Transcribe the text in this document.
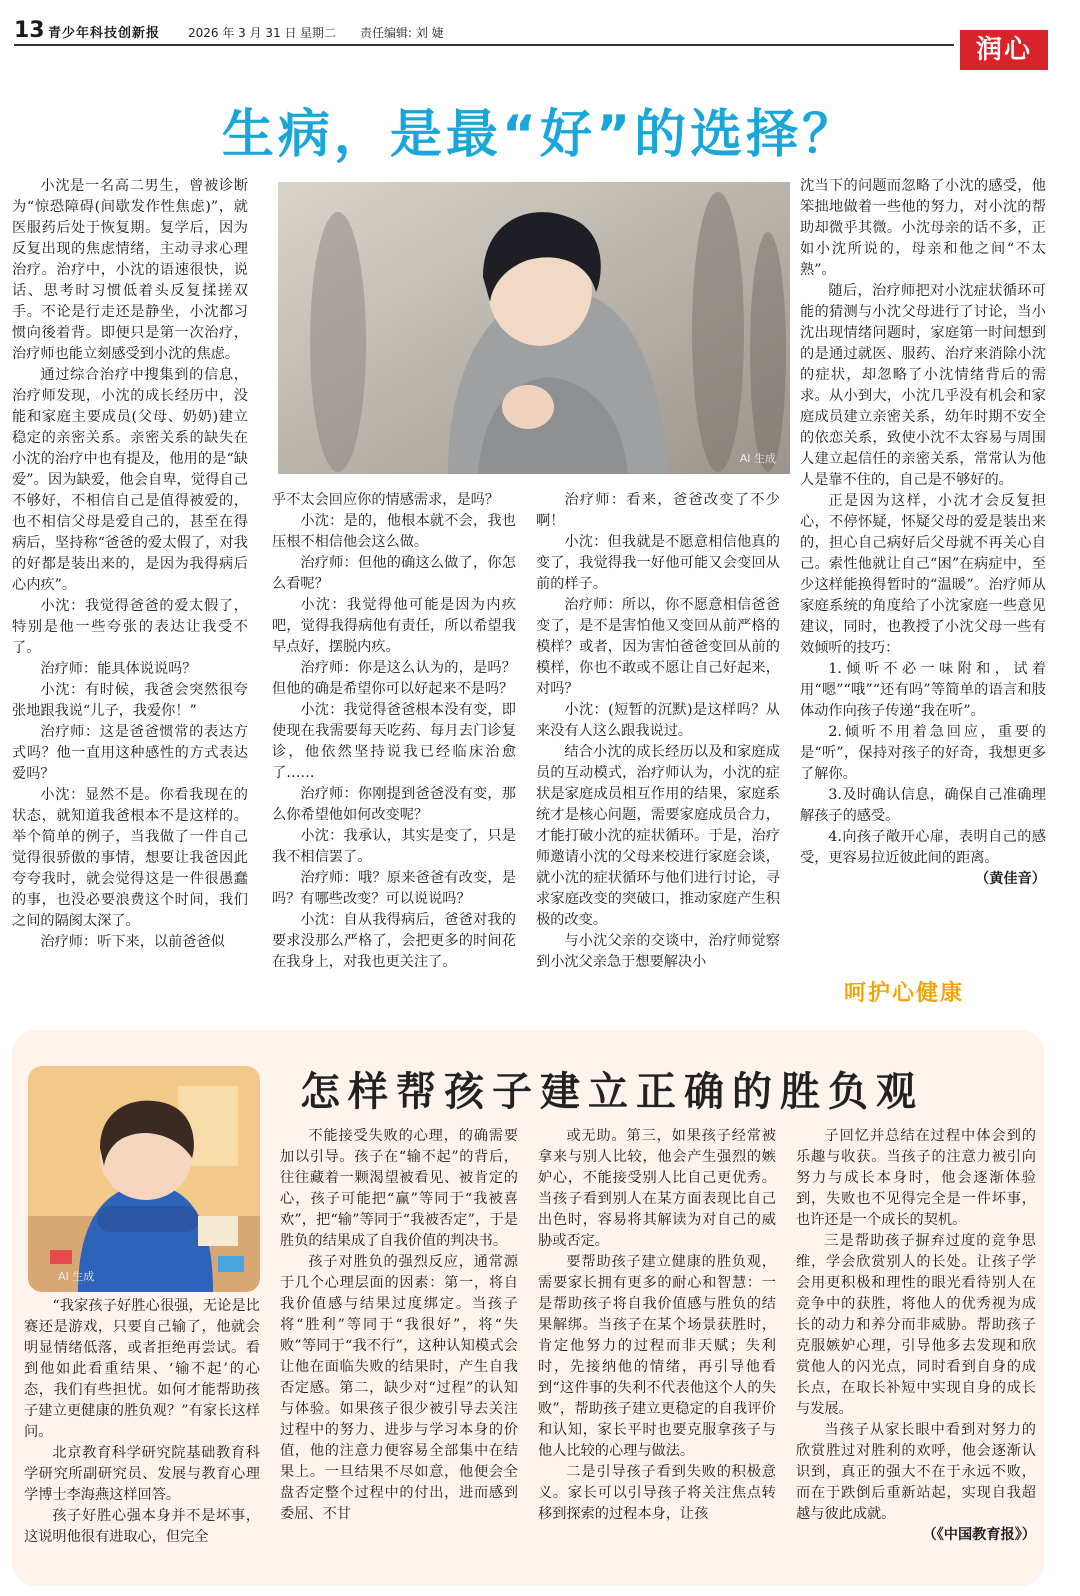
13 青少年科技创新报 2026 年 3 月 31 日 星期二 责任编辑: 刘 婕
润心
生病，是最“好”的选择？

小沈是一名高二男生，曾被诊断为“惊恐障碍(间歇发作性焦虑)”，就医服药后处于恢复期。复学后，因为反复出现的焦虑情绪，主动寻求心理治疗。治疗中，小沈的语速很快，说话、思考时习惯低着头反复揉搓双手。不论是行走还是静坐，小沈都习惯向後着背。即便只是第一次治疗，治疗师也能立刻感受到小沈的焦虑。

通过综合治疗中搜集到的信息，治疗师发现，小沈的成长经历中，没能和家庭主要成员(父母、奶奶)建立稳定的亲密关系。亲密关系的缺失在小沈的治疗中也有提及，他用的是“缺爱”。因为缺爱，他会自卑，觉得自己不够好，不相信自己是值得被爱的，也不相信父母是爱自己的，甚至在得病后，坚持称“爸爸的爱太假了，对我的好都是装出来的，是因为我得病后心内疚”。

小沈：我觉得爸爸的爱太假了，特别是他一些夸张的表达让我受不了。

治疗师：能具体说说吗？

小沈：有时候，我爸会突然很夸张地跟我说“儿子，我爱你！”

治疗师：这是爸爸惯常的表达方式吗？他一直用这种感性的方式表达爱吗？

小沈：显然不是。你看我现在的状态，就知道我爸根本不是这样的。举个简单的例子，当我做了一件自己觉得很骄傲的事情，想要让我爸因此夸夸我时，就会觉得这是一件很愚蠢的事，也没必要浪费这个时间，我们之间的隔阂太深了。

治疗师：听下来，以前爸爸似

AI 生成

乎不太会回应你的情感需求，是吗？

小沈：是的，他根本就不会，我也压根不相信他会这么做。

治疗师：但他的确这么做了，你怎么看呢？

小沈：我觉得他可能是因为内疚吧，觉得我得病他有责任，所以希望我早点好，摆脱内疚。

治疗师：你是这么认为的，是吗？但他的确是希望你可以好起来不是吗？

小沈：我觉得爸爸根本没有变，即使现在我需要每天吃药、每月去门诊复诊，他依然坚持说我已经临床治愈了……

治疗师：你刚提到爸爸没有变，那么你希望他如何改变呢？

小沈：我承认，其实是变了，只是我不相信罢了。

治疗师：哦？原来爸爸有改变，是吗？有哪些改变？可以说说吗？

小沈：自从我得病后，爸爸对我的要求没那么严格了，会把更多的时间花在我身上，对我也更关注了。

治疗师：看来，爸爸改变了不少啊！

小沈：但我就是不愿意相信他真的变了，我觉得我一好他可能又会变回从前的样子。

治疗师：所以，你不愿意相信爸爸变了，是不是害怕他又变回从前严格的模样？或者，因为害怕爸爸变回从前的模样，你也不敢或不愿让自己好起来，对吗？

小沈：(短暂的沉默)是这样吗？从来没有人这么跟我说过。

结合小沈的成长经历以及和家庭成员的互动模式，治疗师认为，小沈的症状是家庭成员相互作用的结果，家庭系统才是核心问题，需要家庭成员合力，才能打破小沈的症状循环。于是，治疗师邀请小沈的父母来校进行家庭会谈，就小沈的症状循环与他们进行讨论，寻求家庭改变的突破口，推动家庭产生积极的改变。

与小沈父亲的交谈中，治疗师觉察到小沈父亲急于想要解决小

沈当下的问题而忽略了小沈的感受，他笨拙地做着一些他的努力，对小沈的帮助却微乎其微。小沈母亲的话不多，正如小沈所说的，母亲和他之间“不太熟”。

随后，治疗师把对小沈症状循环可能的猜测与小沈父母进行了讨论，当小沈出现情绪问题时，家庭第一时间想到的是通过就医、服药、治疗来消除小沈的症状，却忽略了小沈情绪背后的需求。从小到大，小沈几乎没有机会和家庭成员建立亲密关系，幼年时期不安全的依恋关系，致使小沈不太容易与周围人建立起信任的亲密关系，常常认为他人是靠不住的，自己是不够好的。

正是因为这样，小沈才会反复担心，不停怀疑，怀疑父母的爱是装出来的，担心自己病好后父母就不再关心自己。索性他就让自己“困”在病症中，至少这样能换得暂时的“温暖”。治疗师从家庭系统的角度给了小沈家庭一些意见建议，同时，也教授了小沈父母一些有效倾听的技巧：

1.倾听不必一味附和，试着用“嗯”“哦”“还有吗”等简单的语言和肢体动作向孩子传递“我在听”。

2.倾听不用着急回应，重要的是“听”，保持对孩子的好奇，我想更多了解你。

3.及时确认信息，确保自己准确理解孩子的感受。

4.向孩子敞开心扉，表明自己的感受，更容易拉近彼此间的距离。

（黄佳音）

呵护心健康
怎样帮孩子建立正确的胜负观
AI 生成

“我家孩子好胜心很强，无论是比赛还是游戏，只要自己输了，他就会明显情绪低落，或者拒绝再尝试。看到他如此看重结果、‘输不起’的心态，我们有些担忧。如何才能帮助孩子建立更健康的胜负观？”有家长这样问。

北京教育科学研究院基础教育科学研究所副研究员、发展与教育心理学博士李海燕这样回答。

孩子好胜心强本身并不是坏事，这说明他很有进取心，但完全

不能接受失败的心理，的确需要加以引导。孩子在“输不起”的背后，往往藏着一颗渴望被看见、被肯定的心，孩子可能把“赢”等同于“我被喜欢”，把“输”等同于“我被否定”，于是胜负的结果成了自我价值的判决书。

孩子对胜负的强烈反应，通常源于几个心理层面的因素：第一，将自我价值感与结果过度绑定。当孩子将“胜利”等同于“我很好”，将“失败”等同于“我不行”，这种认知模式会让他在面临失败的结果时，产生自我否定感。第二，缺少对“过程”的认知与体验。如果孩子很少被引导去关注过程中的努力、进步与学习本身的价值，他的注意力便容易全部集中在结果上。一旦结果不尽如意，他便会全盘否定整个过程中的付出，进而感到委屈、不甘

或无助。第三，如果孩子经常被拿来与别人比较，他会产生强烈的嫉妒心，不能接受别人比自己更优秀。当孩子看到别人在某方面表现比自己出色时，容易将其解读为对自己的威胁或否定。

要帮助孩子建立健康的胜负观，需要家长拥有更多的耐心和智慧：一是帮助孩子将自我价值感与胜负的结果解绑。当孩子在某个场景获胜时，肯定他努力的过程而非天赋；失利时，先接纳他的情绪，再引导他看到“这件事的失利不代表他这个人的失败”，帮助孩子建立更稳定的自我评价和认知，家长平时也要克服拿孩子与他人比较的心理与做法。

二是引导孩子看到失败的积极意义。家长可以引导孩子将关注焦点转移到探索的过程本身，让孩

子回忆并总结在过程中体会到的乐趣与收获。当孩子的注意力被引向努力与成长本身时，他会逐渐体验到，失败也不见得完全是一件坏事，也许还是一个成长的契机。

三是帮助孩子摒弃过度的竞争思维，学会欣赏别人的长处。让孩子学会用更积极和理性的眼光看待别人在竞争中的获胜，将他人的优秀视为成长的动力和养分而非威胁。帮助孩子克服嫉妒心理，引导他多去发现和欣赏他人的闪光点，同时看到自身的成长点，在取长补短中实现自身的成长与发展。

当孩子从家长眼中看到对努力的欣赏胜过对胜利的欢呼，他会逐渐认识到，真正的强大不在于永远不败，而在于跌倒后重新站起，实现自我超越与彼此成就。

（《中国教育报》）
